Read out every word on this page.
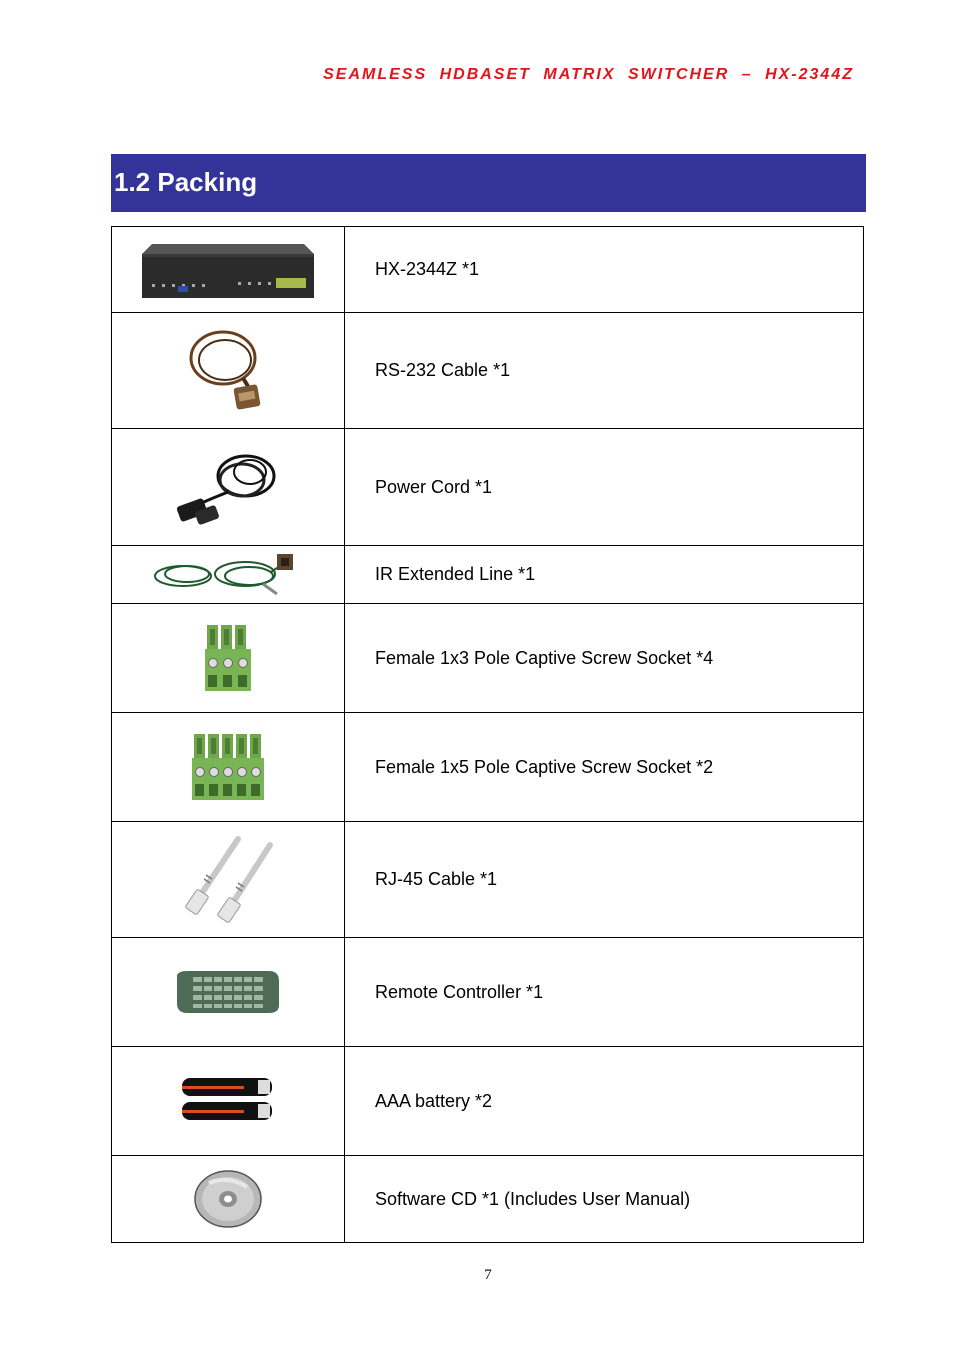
SEAMLESS HDBASET MATRIX SWITCHER – HX-2344Z
1.2 Packing
	HX-2344Z *1

	RS-232 Cable *1

	Power Cord *1

	IR Extended Line *1

	Female 1x3 Pole Captive Screw Socket *4

	Female 1x5 Pole Captive Screw Socket *2

	RJ-45 Cable *1

	Remote Controller *1

	AAA battery *2

	Software CD *1 (Includes User Manual)
7
